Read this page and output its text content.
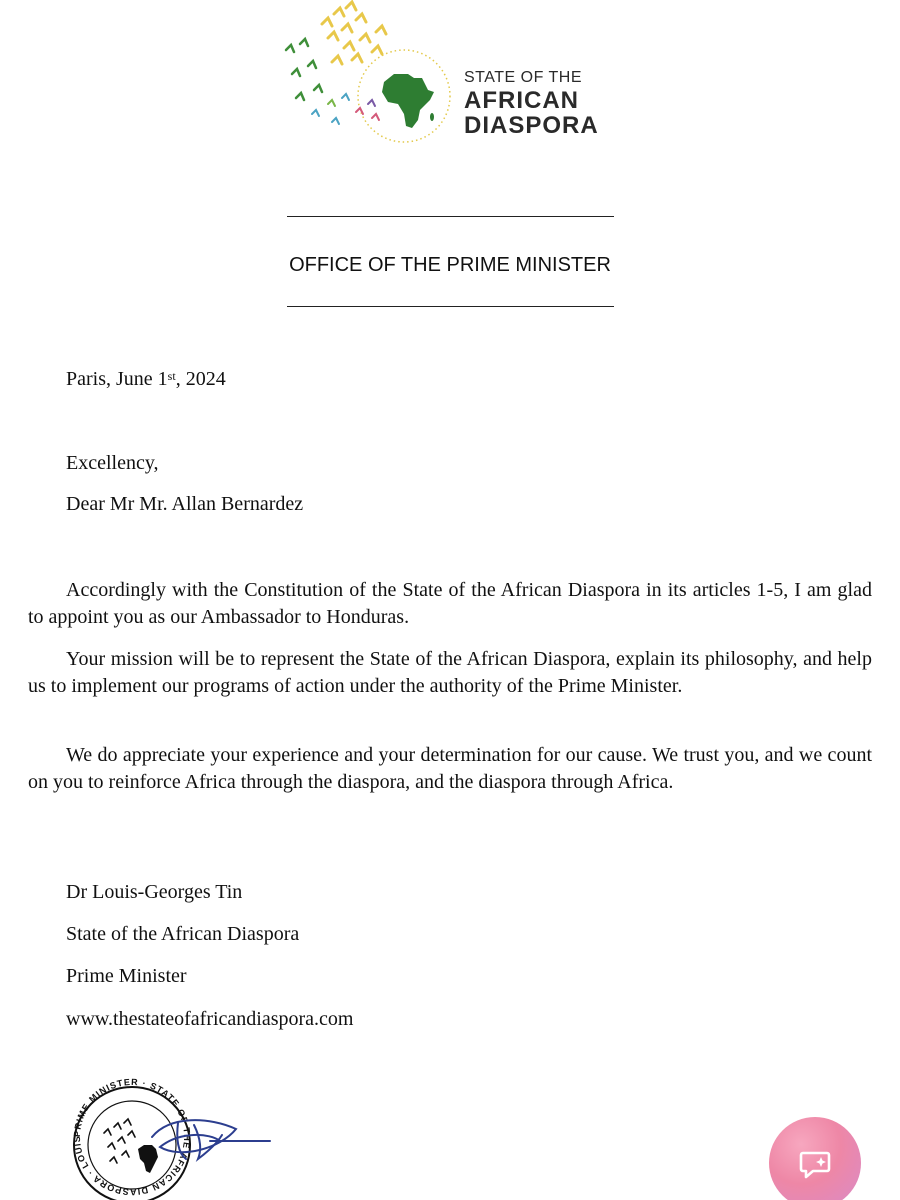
STATE OF THE
AFRICAN
DIASPORA
OFFICE OF THE PRIME MINISTER
Paris, June 1st, 2024
Excellency,
Dear Mr Mr. Allan Bernardez

Accordingly with the Constitution of the State of the African Diaspora in its articles 1-5, I am glad to appoint you as our Ambassador to Honduras.

Your mission will be to represent the State of the African Diaspora, explain its philosophy, and help us to implement our programs of action under the authority of the Prime Minister.

We do appreciate your experience and your determination for our cause. We trust you, and we count on you to reinforce Africa through the diaspora, and the diaspora through Africa.

Dr Louis-Georges Tin
State of the African Diaspora
Prime Minister
www.thestateofafricandiaspora.com
PRIME MINISTER · STATE OF THE AFRICAN DIASPORA · LOUIS
